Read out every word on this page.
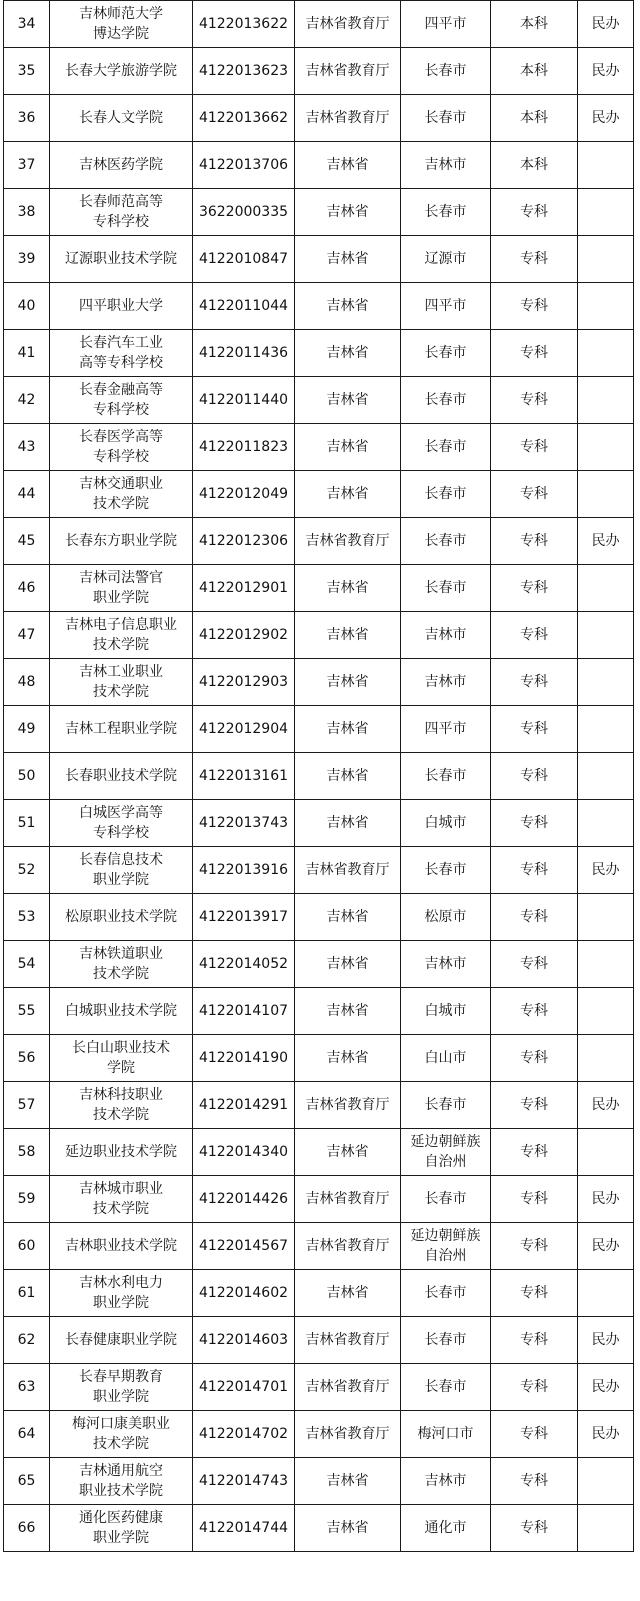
34	吉林师范大学
博达学院	4122013622	吉林省教育厅	四平市	本科	民办

35	长春大学旅游学院	4122013623	吉林省教育厅	长春市	本科	民办

36	长春人文学院	4122013662	吉林省教育厅	长春市	本科	民办

37	吉林医药学院	4122013706	吉林省	吉林市	本科	

38	长春师范高等
专科学校	3622000335	吉林省	长春市	专科	

39	辽源职业技术学院	4122010847	吉林省	辽源市	专科	

40	四平职业大学	4122011044	吉林省	四平市	专科	

41	长春汽车工业
高等专科学校	4122011436	吉林省	长春市	专科	

42	长春金融高等
专科学校	4122011440	吉林省	长春市	专科	

43	长春医学高等
专科学校	4122011823	吉林省	长春市	专科	

44	吉林交通职业
技术学院	4122012049	吉林省	长春市	专科	

45	长春东方职业学院	4122012306	吉林省教育厅	长春市	专科	民办

46	吉林司法警官
职业学院	4122012901	吉林省	长春市	专科	

47	吉林电子信息职业
技术学院	4122012902	吉林省	吉林市	专科	

48	吉林工业职业
技术学院	4122012903	吉林省	吉林市	专科	

49	吉林工程职业学院	4122012904	吉林省	四平市	专科	

50	长春职业技术学院	4122013161	吉林省	长春市	专科	

51	白城医学高等
专科学校	4122013743	吉林省	白城市	专科	

52	长春信息技术
职业学院	4122013916	吉林省教育厅	长春市	专科	民办

53	松原职业技术学院	4122013917	吉林省	松原市	专科	

54	吉林铁道职业
技术学院	4122014052	吉林省	吉林市	专科	

55	白城职业技术学院	4122014107	吉林省	白城市	专科	

56	长白山职业技术
学院	4122014190	吉林省	白山市	专科	

57	吉林科技职业
技术学院	4122014291	吉林省教育厅	长春市	专科	民办

58	延边职业技术学院	4122014340	吉林省	延边朝鲜族
自治州	专科	

59	吉林城市职业
技术学院	4122014426	吉林省教育厅	长春市	专科	民办

60	吉林职业技术学院	4122014567	吉林省教育厅	延边朝鲜族
自治州	专科	民办

61	吉林水利电力
职业学院	4122014602	吉林省	长春市	专科	

62	长春健康职业学院	4122014603	吉林省教育厅	长春市	专科	民办

63	长春早期教育
职业学院	4122014701	吉林省教育厅	长春市	专科	民办

64	梅河口康美职业
技术学院	4122014702	吉林省教育厅	梅河口市	专科	民办

65	吉林通用航空
职业技术学院	4122014743	吉林省	吉林市	专科	

66	通化医药健康
职业学院	4122014744	吉林省	通化市	专科	
